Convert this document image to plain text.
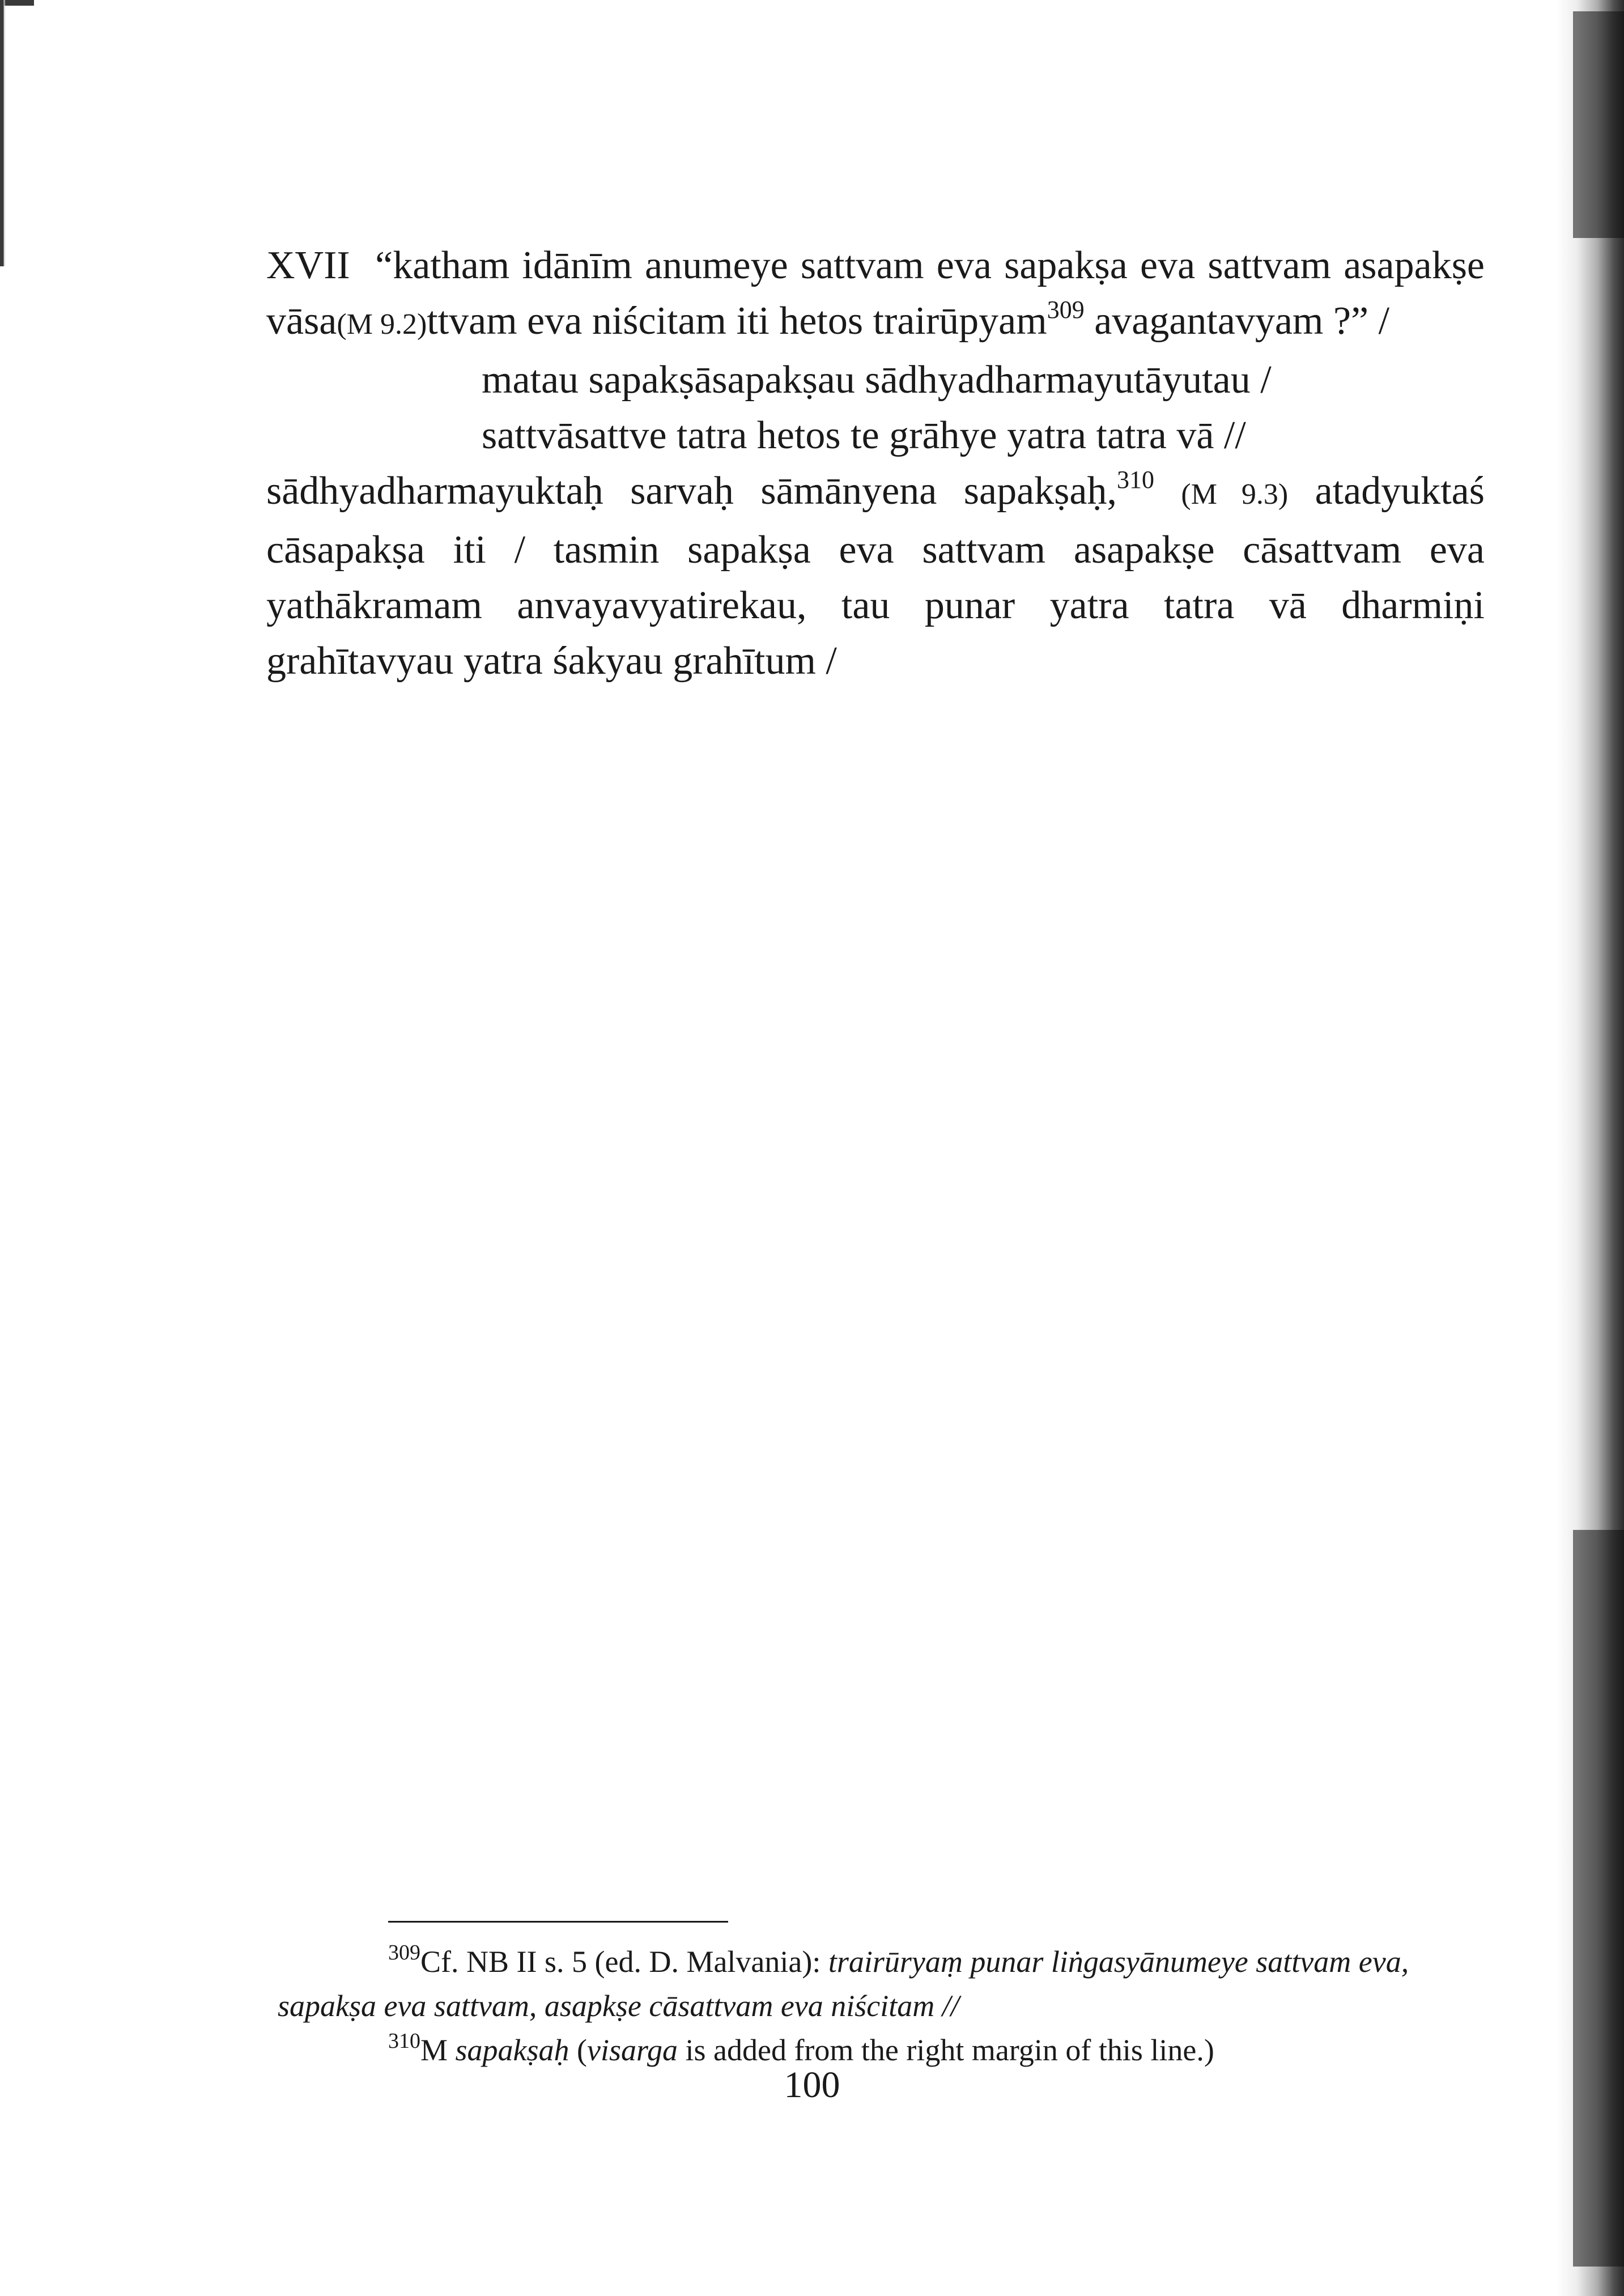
XVII “katham idānīm anumeye sattvam eva sapakṣa eva sattvam asapakṣe vāsa(M 9.2)ttvam eva niścitam iti hetos trairūpyam$^{309}$ avagantavyam ?” /

matau sapakṣāsapakṣau sādhyadharmayutāyutau /

sattvāsattve tatra hetos te grāhye yatra tatra vā //

sādhyadharmayuktaḥ sarvaḥ sāmānyena sapakṣaḥ,$^{310}$ (M 9.3) atadyuktaś cāsapakṣa iti / tasmin sapakṣa eva sattvam asapakṣe cāsattvam eva yathākramam anvayavyatirekau, tau punar yatra tatra vā dharmiṇi grahītavyau yatra śakyau grahītum /

$^{309}$Cf. NB II s. 5 (ed. D. Malvania): trairūryaṃ punar liṅgasyānumeye sattvam eva, sapakṣa eva sattvam, asapkṣe cāsattvam eva niścitam //

$^{310}$M sapakṣaḥ (visarga is added from the right margin of this line.)

100
